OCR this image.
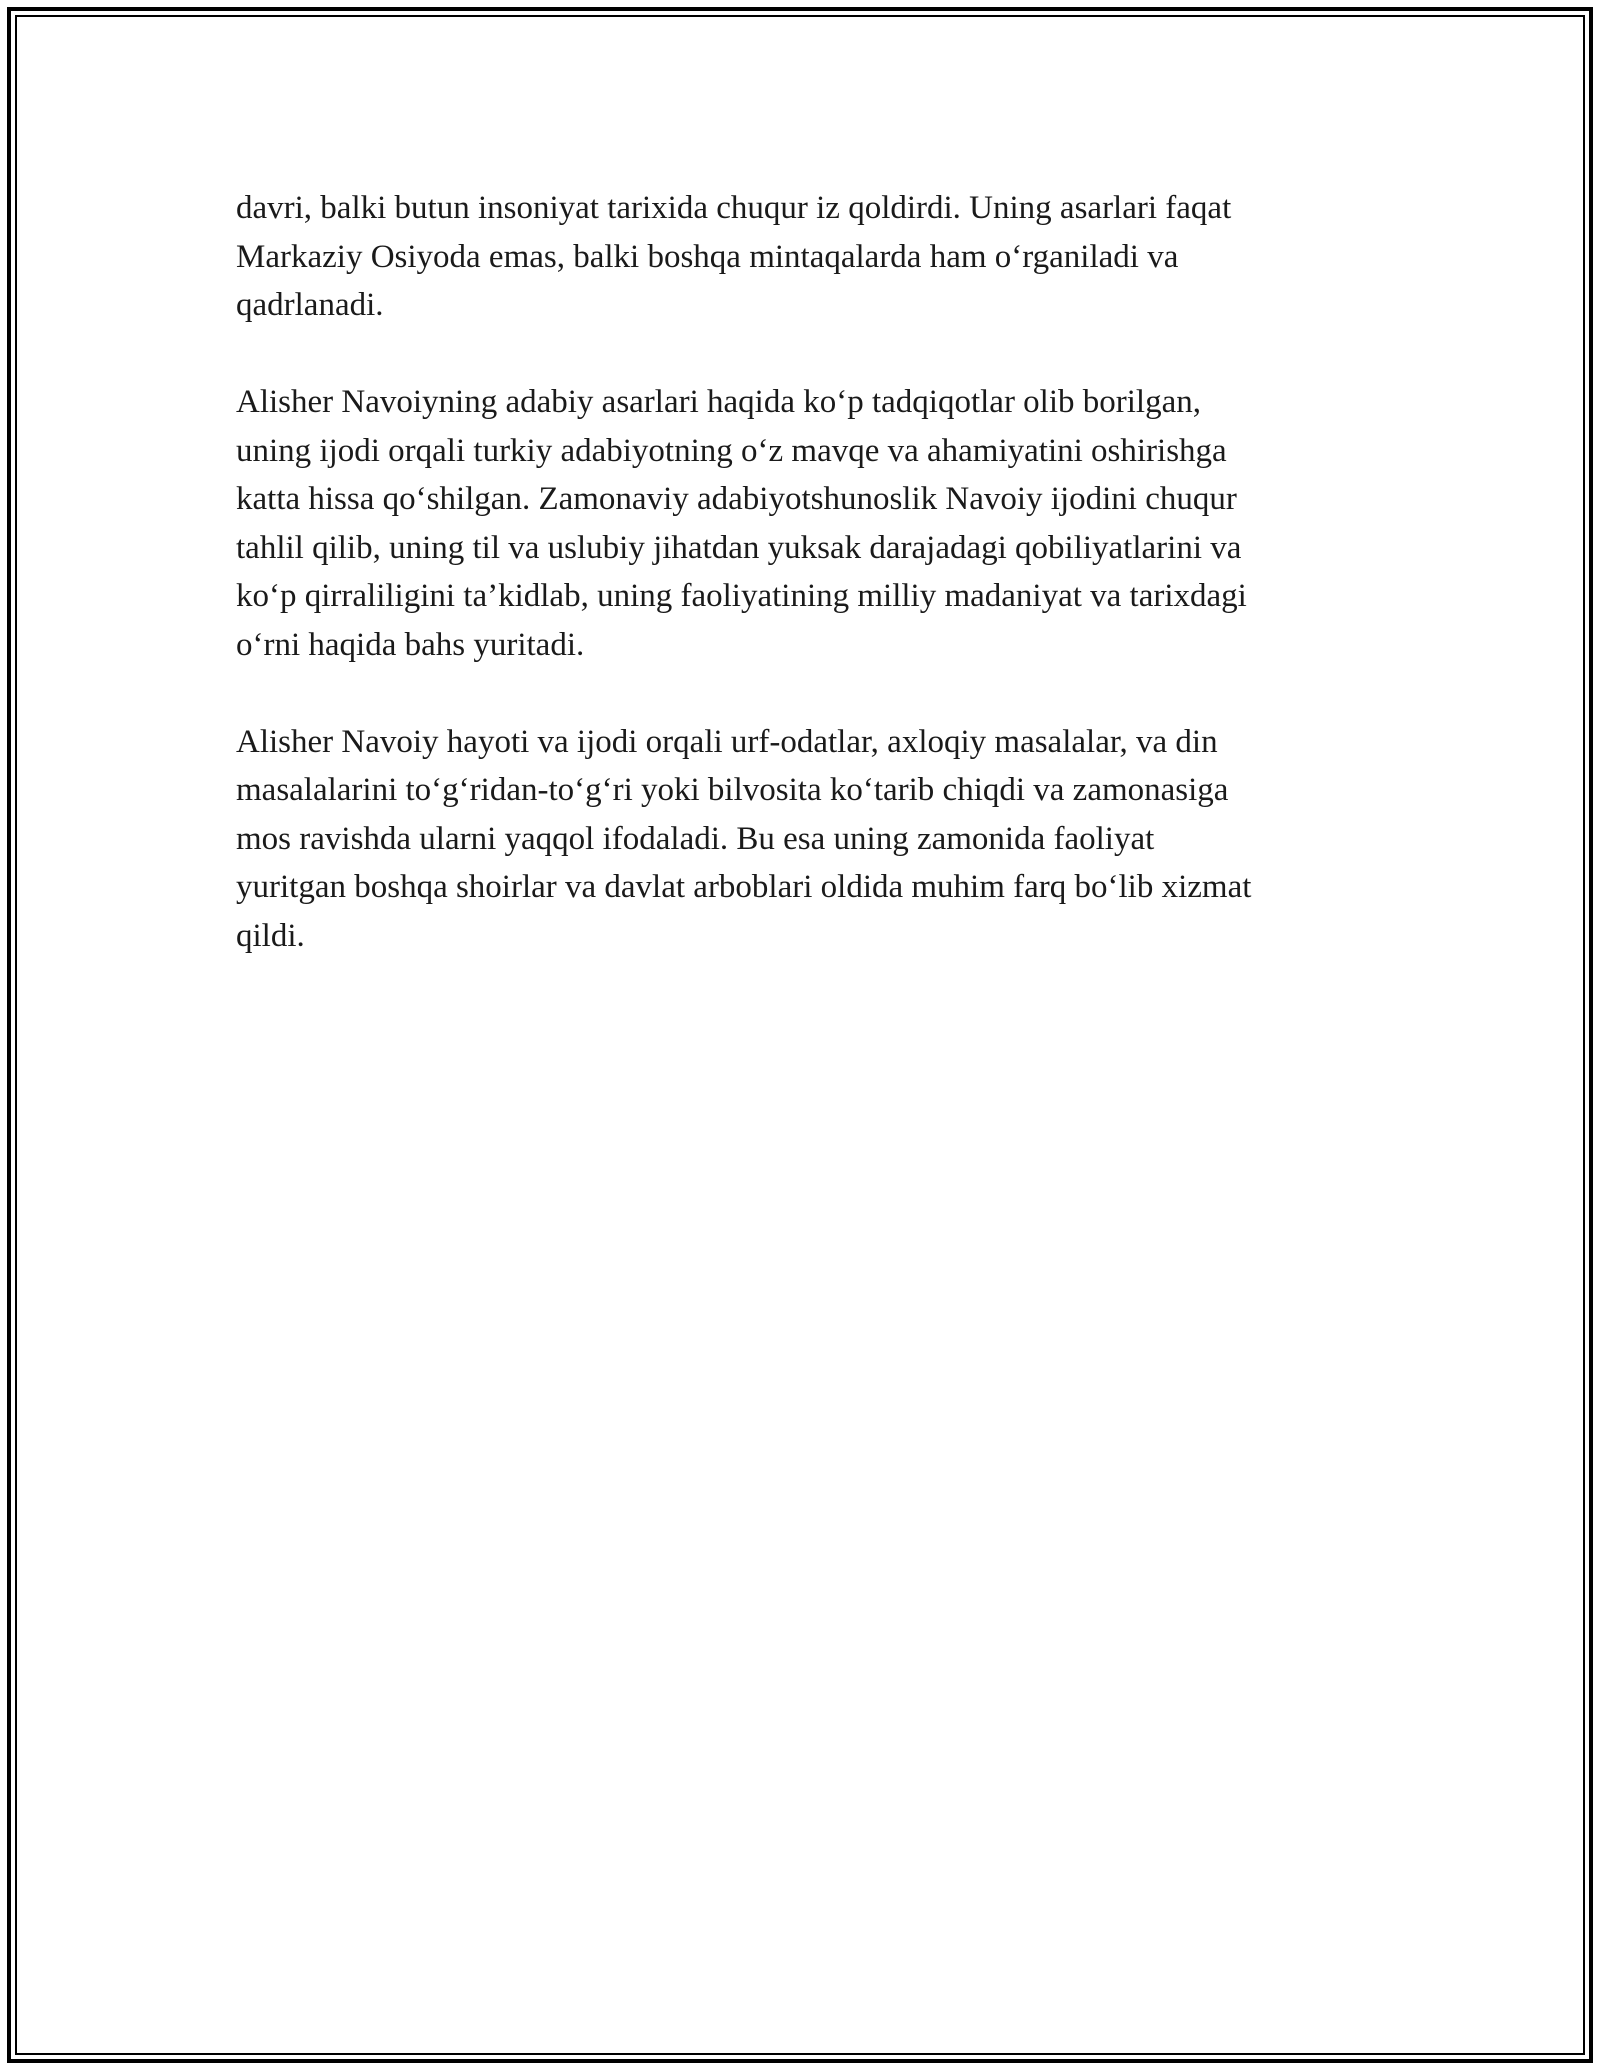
davri, balki butun insoniyat tarixida chuqur iz qoldirdi. Uning asarlari faqat
Markaziy Osiyoda emas, balki boshqa mintaqalarda ham o‘rganiladi va
qadrlanadi.

Alisher Navoiyning adabiy asarlari haqida ko‘p tadqiqotlar olib borilgan,
uning ijodi orqali turkiy adabiyotning o‘z mavqe va ahamiyatini oshirishga
katta hissa qo‘shilgan. Zamonaviy adabiyotshunoslik Navoiy ijodini chuqur
tahlil qilib, uning til va uslubiy jihatdan yuksak darajadagi qobiliyatlarini va
ko‘p qirraliligini ta’kidlab, uning faoliyatining milliy madaniyat va tarixdagi
o‘rni haqida bahs yuritadi.

Alisher Navoiy hayoti va ijodi orqali urf-odatlar, axloqiy masalalar, va din
masalalarini to‘g‘ridan-to‘g‘ri yoki bilvosita ko‘tarib chiqdi va zamonasiga
mos ravishda ularni yaqqol ifodaladi. Bu esa uning zamonida faoliyat
yuritgan boshqa shoirlar va davlat arboblari oldida muhim farq bo‘lib xizmat
qildi.
